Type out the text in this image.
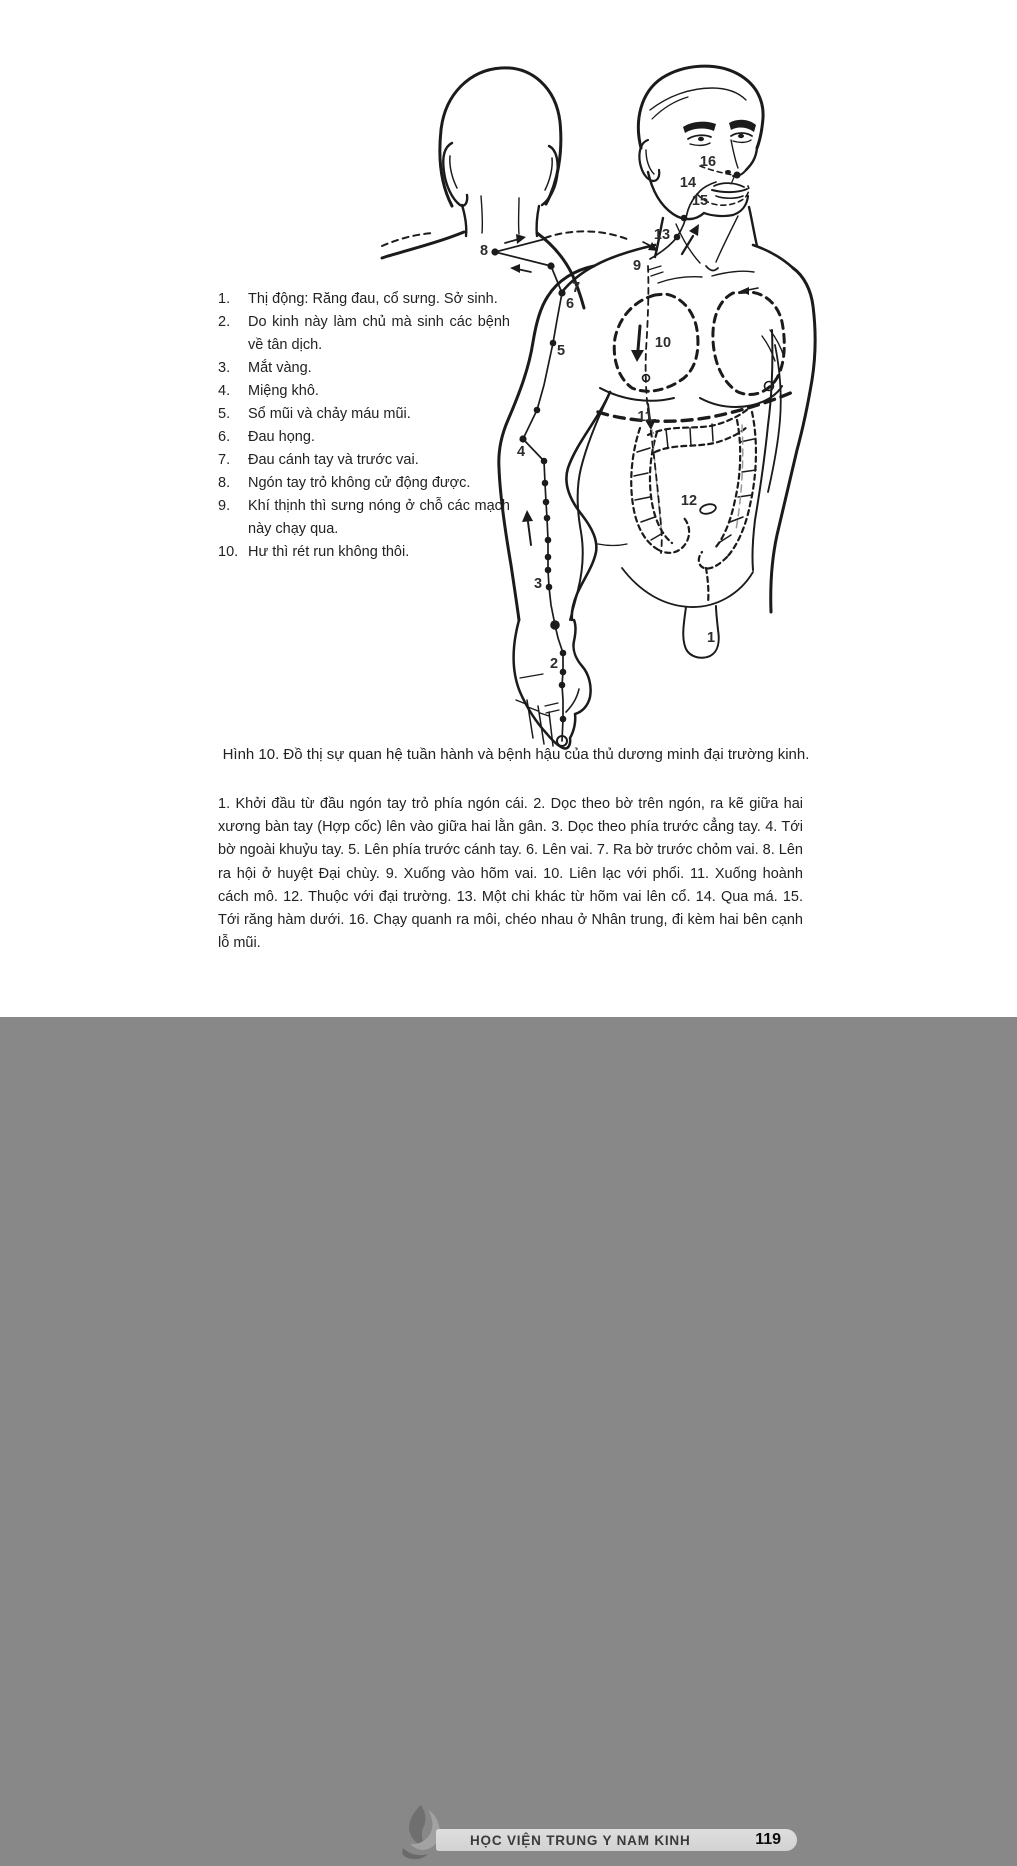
1
2
3
4
5
6
7
8
9
10
11
12
13
14
15
16
1.	Thị động: Răng đau, cổ sưng. Sở sinh.
2.	Do kinh này làm chủ mà sinh các bệnh về tân dịch.
3.	Mắt vàng.
4.	Miệng khô.
5.	Sổ mũi và chảy máu mũi.
6.	Đau họng.
7.	Đau cánh tay và trước vai.
8.	Ngón tay trỏ không cử động được.
9.	Khí thịnh thì sưng nóng ở chỗ các mạch này chạy qua.
10. Hư thì rét run không thôi.
Hình 10. Đồ thị sự quan hệ tuần hành và bệnh hậu của thủ dương minh đại trường kinh.
1. Khởi đầu từ đầu ngón tay trỏ phía ngón cái. 2. Dọc theo bờ trên ngón, ra kẽ giữa hai xương bàn tay (Hợp cốc) lên vào giữa hai lằn gân. 3. Dọc theo phía trước cẳng tay. 4. Tới bờ ngoài khuỷu tay. 5. Lên phía trước cánh tay. 6. Lên vai. 7. Ra bờ trước chỏm vai. 8. Lên ra hội ở huyệt Đại chùy. 9. Xuống vào hõm vai. 10. Liên lạc với phổi. 11. Xuống hoành cách mô. 12. Thuộc với đại trường. 13. Một chi khác từ hõm vai lên cổ. 14. Qua má. 15. Tới răng hàm dưới. 16. Chạy quanh ra môi, chéo nhau ở Nhân trung, đi kèm hai bên cạnh lỗ mũi.
HỌC VIỆN TRUNG Y NAM KINH	119
